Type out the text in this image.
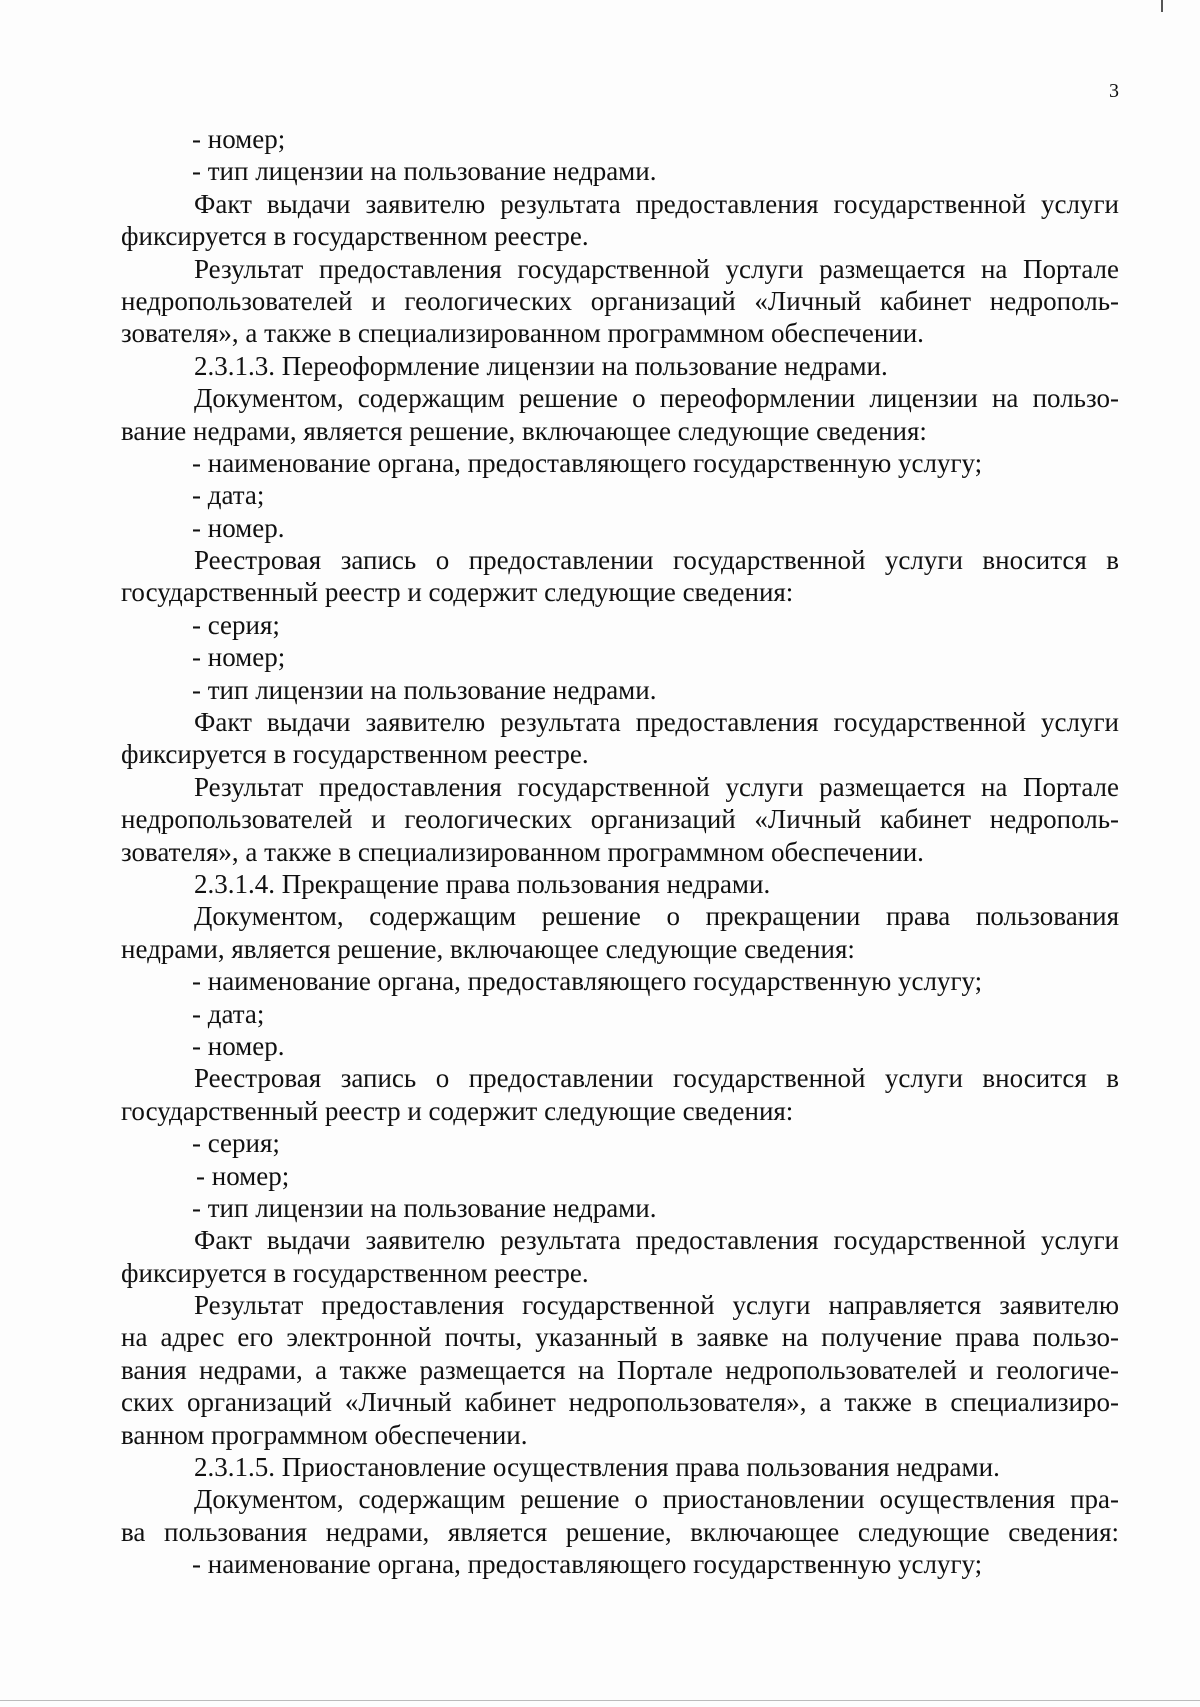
3
- номер;
- тип лицензии на пользование недрами.
Факт выдачи заявителю результата предоставления государственной услуги
фиксируется в государственном реестре.
Результат предоставления государственной услуги размещается на Портале
недропользователей и геологических организаций «Личный кабинет недрополь-
зователя», а также в специализированном программном обеспечении.
2.3.1.3. Переоформление лицензии на пользование недрами.
Документом, содержащим решение о переоформлении лицензии на пользо-
вание недрами, является решение, включающее следующие сведения:
- наименование органа, предоставляющего государственную услугу;
- дата;
- номер.
Реестровая запись о предоставлении государственной услуги вносится в
государственный реестр и содержит следующие сведения:
- серия;
- номер;
- тип лицензии на пользование недрами.
Факт выдачи заявителю результата предоставления государственной услуги
фиксируется в государственном реестре.
Результат предоставления государственной услуги размещается на Портале
недропользователей и геологических организаций «Личный кабинет недрополь-
зователя», а также в специализированном программном обеспечении.
2.3.1.4. Прекращение права пользования недрами.
Документом, содержащим решение о прекращении права пользования
недрами, является решение, включающее следующие сведения:
- наименование органа, предоставляющего государственную услугу;
- дата;
- номер.
Реестровая запись о предоставлении государственной услуги вносится в
государственный реестр и содержит следующие сведения:
- серия;
- номер;
- тип лицензии на пользование недрами.
Факт выдачи заявителю результата предоставления государственной услуги
фиксируется в государственном реестре.
Результат предоставления государственной услуги направляется заявителю
на адрес его электронной почты, указанный в заявке на получение права пользо-
вания недрами, а также размещается на Портале недропользователей и геологиче-
ских организаций «Личный кабинет недропользователя», а также в специализиро-
ванном программном обеспечении.
2.3.1.5. Приостановление осуществления права пользования недрами.
Документом, содержащим решение о приостановлении осуществления пра-
ва пользования недрами, является решение, включающее следующие сведения:
- наименование органа, предоставляющего государственную услугу;
